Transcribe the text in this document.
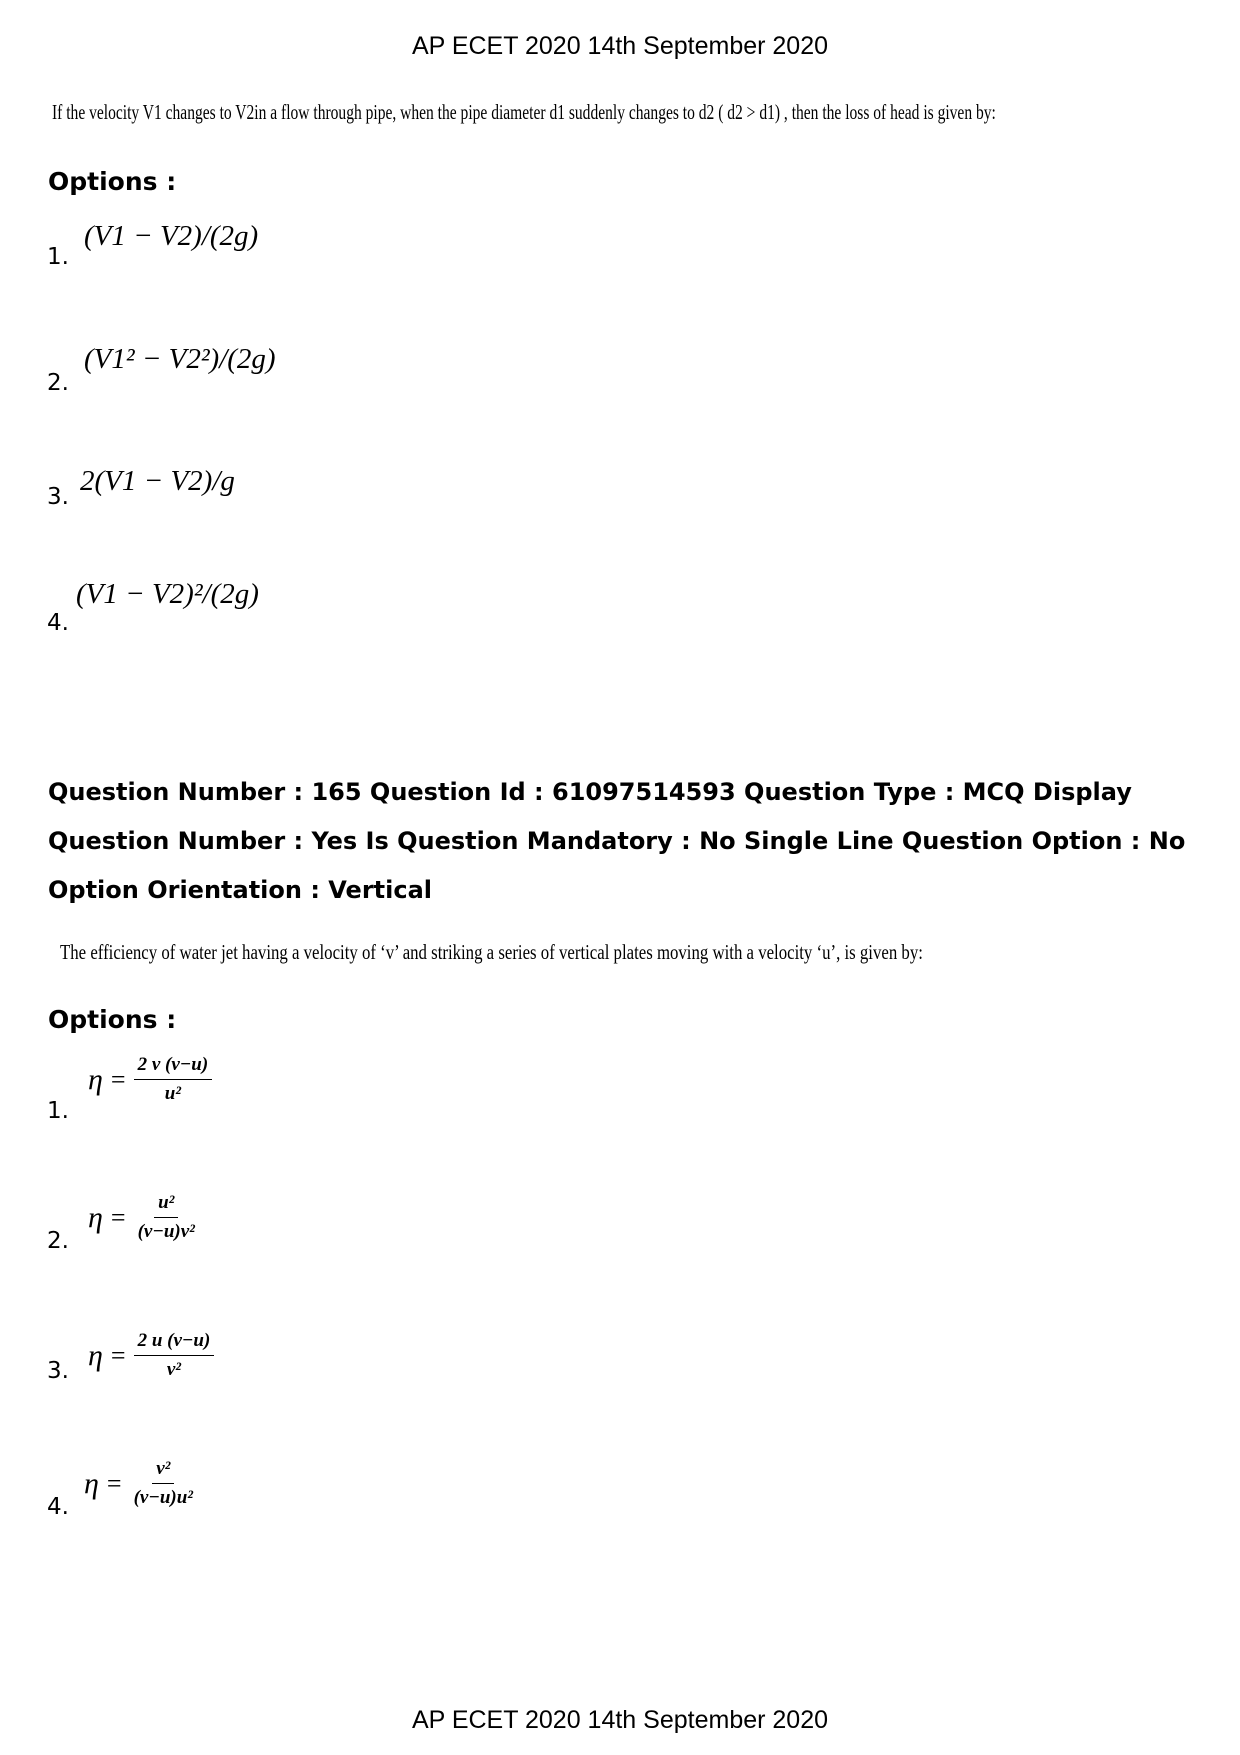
AP ECET 2020 14th September 2020
If the velocity V1 changes to V2in a flow through pipe, when the pipe diameter d1 suddenly changes to d2 ( d2 > d1) , then the loss of head is given by:
Options :
1.
(V1 − V2)/(2g)
2.
(V1² − V2²)/(2g)
3. 2(V1 − V2)/g
4.
(V1 − V2)²/(2g)
Question Number : 165 Question Id : 61097514593 Question Type : MCQ Display Question Number : Yes Is Question Mandatory : No Single Line Question Option : No Option Orientation : Vertical
The efficiency of water jet having a velocity of ‘v’ and striking a series of vertical plates moving with a velocity ‘u’, is given by:
Options :
1.
$\eta = \frac{2 v (v-u)}{\text{u²}}$
2.
$\eta = \frac{\text{u²}}{\text{(v−u)v²}}$
3. $\eta = \frac{2 u (v-u)}{\text{v²}}$
4.
$\eta = \frac{\text{v²}}{\text{(v−u)u²}}$
AP ECET 2020 14th September 2020
